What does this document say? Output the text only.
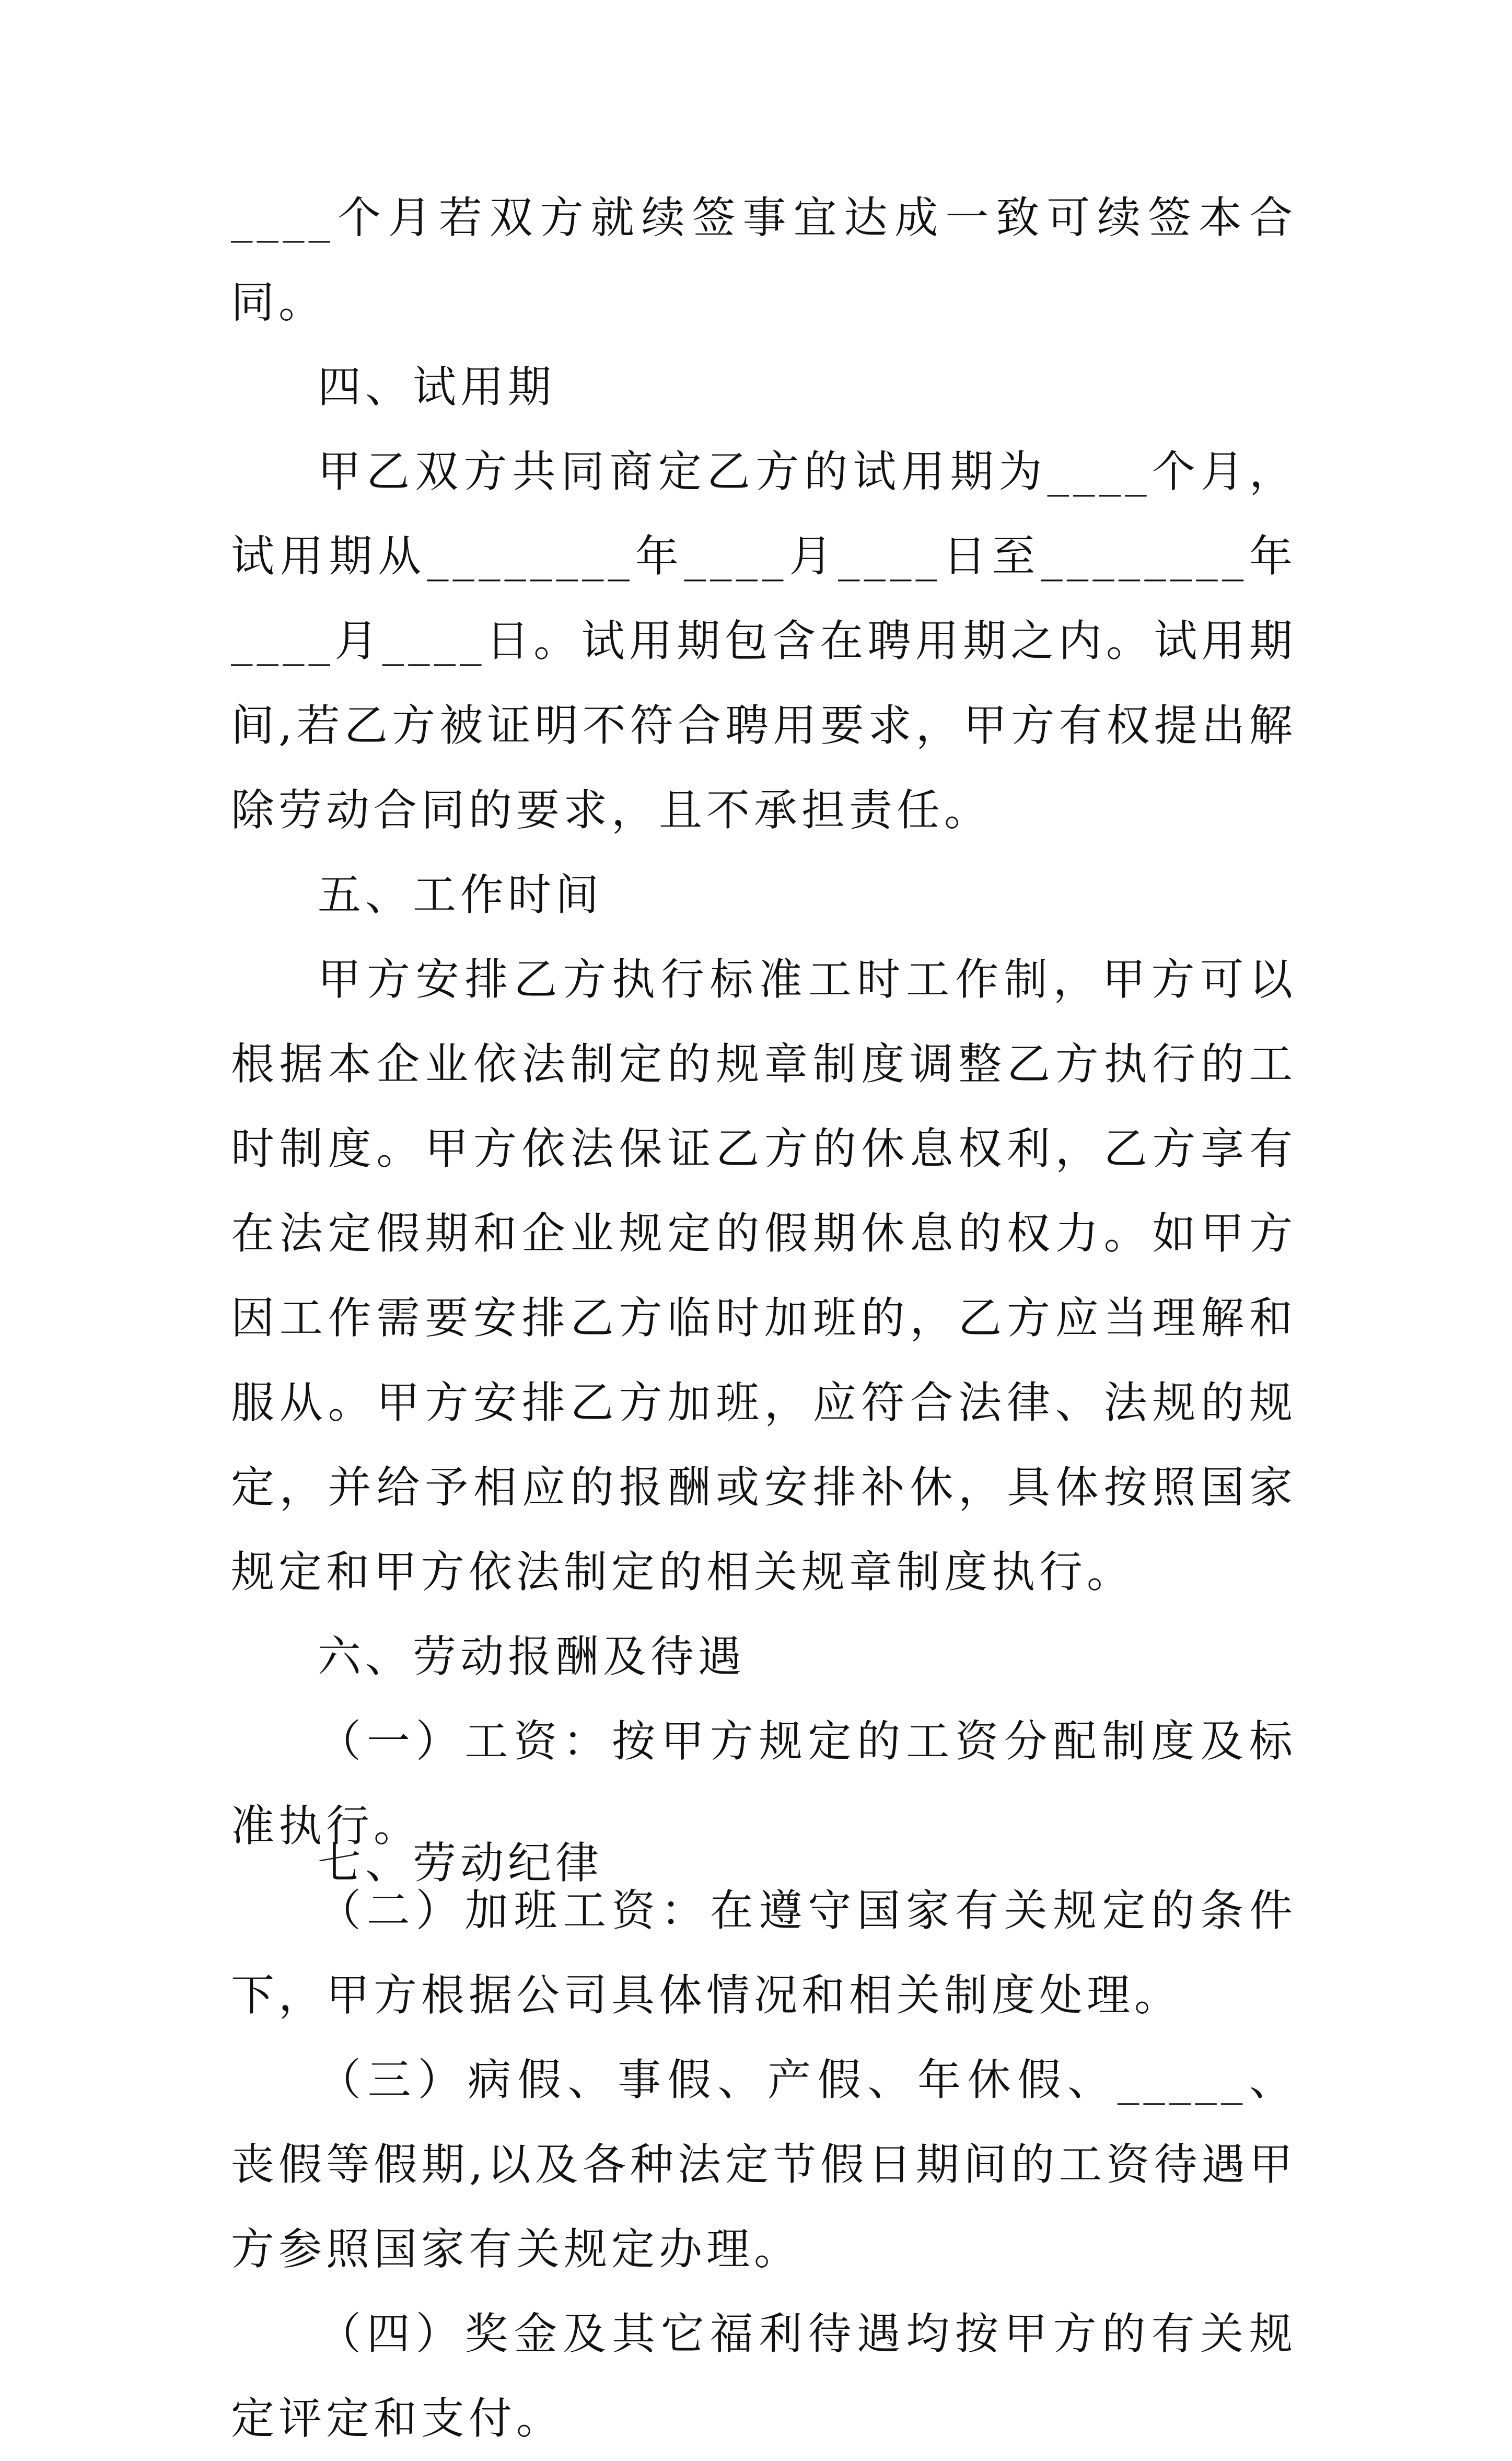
____个月若双方就续签事宜达成一致可续签本合同。

四、试用期

甲乙双方共同商定乙方的试用期为____个月，试用期从________年____月____日至________年____月____日。试用期包含在聘用期之内。试用期间,若乙方被证明不符合聘用要求，甲方有权提出解除劳动合同的要求，且不承担责任。

五、工作时间

甲方安排乙方执行标准工时工作制，甲方可以根据本企业依法制定的规章制度调整乙方执行的工时制度。甲方依法保证乙方的休息权利，乙方享有在法定假期和企业规定的假期休息的权力。如甲方因工作需要安排乙方临时加班的，乙方应当理解和服从。甲方安排乙方加班，应符合法律、法规的规定，并给予相应的报酬或安排补休，具体按照国家规定和甲方依法制定的相关规章制度执行。

六、劳动报酬及待遇

（一）工资：按甲方规定的工资分配制度及标准执行。

（二）加班工资：在遵守国家有关规定的条件下，甲方根据公司具体情况和相关制度处理。

（三）病假、事假、产假、年休假、_____、丧假等假期,以及各种法定节假日期间的工资待遇甲方参照国家有关规定办理。

（四）奖金及其它福利待遇均按甲方的有关规定评定和支付。

七、劳动纪律
